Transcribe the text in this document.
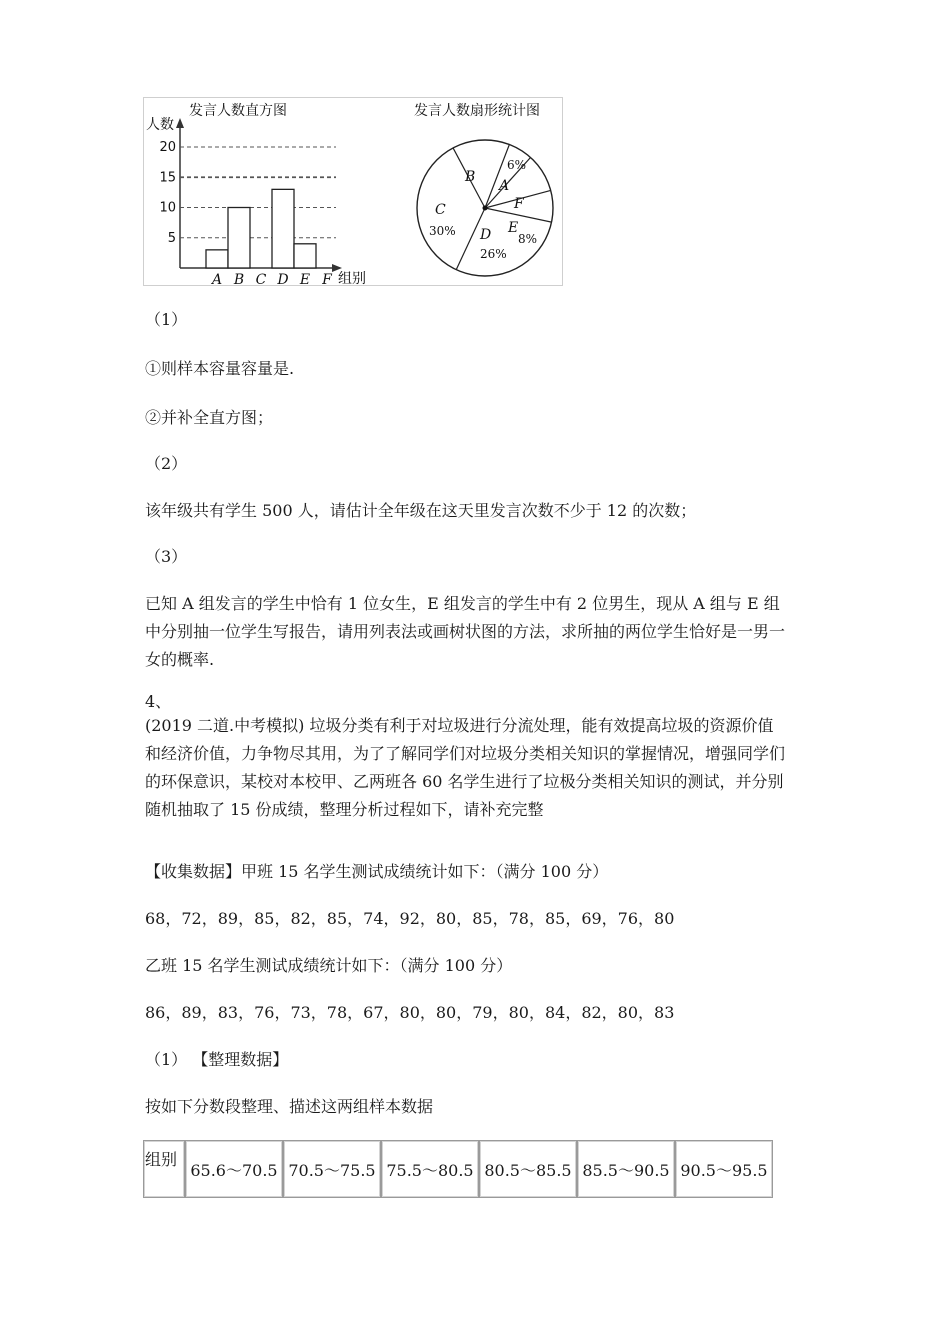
发言人数直方图
人数
5
10
15
20
A B C D E F 组别
发言人数扇形统计图
B
A
6%
F
C
30% D
26%
E
8%
（1）
①则样本容量容量是.
②并补全直方图；
（2）
该年级共有学生 500 人，请估计全年级在这天里发言次数不少于 12 的次数；
（3）
已知 A 组发言的学生中恰有 1 位女生，E 组发言的学生中有 2 位男生，现从 A 组与 E 组中分别抽一位学生写报告，请用列表法或画树状图的方法，求所抽的两位学生恰好是一男一女的概率.
4、
(2019 二道.中考模拟) 垃圾分类有利于对垃圾进行分流处理，能有效提高垃圾的资源价值和经济价值，力争物尽其用，为了了解同学们对垃圾分类相关知识的掌握情况，增强同学们的环保意识，某校对本校甲、乙两班各 60 名学生进行了垃极分类相关知识的测试，并分别随机抽取了 15 份成绩，整理分析过程如下，请补充完整
【收集数据】甲班 15 名学生测试成绩统计如下：（满分 100 分）
68，72，89，85，82，85，74，92，80，85，78，85，69，76，80
乙班 15 名学生测试成绩统计如下：（满分 100 分）
86，89，83，76，73，78，67，80，80，79，80，84，82，80，83
（1） 【整理数据】
按如下分数段整理、描述这两组样本数据
组别	65.6～70.5	70.5～75.5	75.5～80.5	80.5～85.5	85.5～90.5	90.5～95.5
